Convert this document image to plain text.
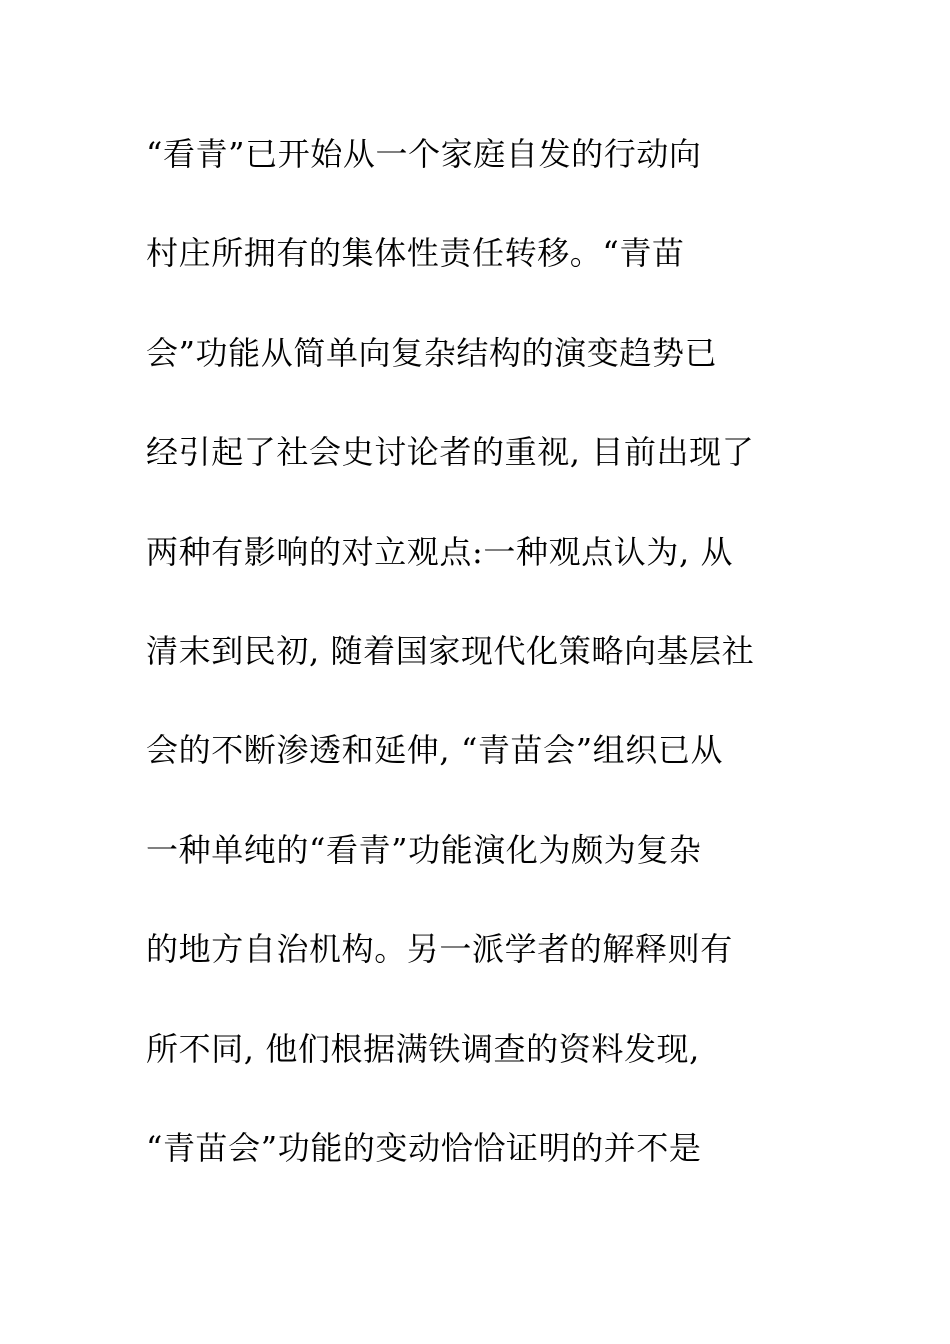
“看青”已开始从一个家庭自发的行动向
村庄所拥有的集体性责任转移。“青苗
会”功能从简单向复杂结构的演变趋势已
经引起了社会史讨论者的重视, 目前出现了
两种有影响的对立观点:一种观点认为, 从
清末到民初, 随着国家现代化策略向基层社
会的不断渗透和延伸, “青苗会”组织已从
一种单纯的“看青”功能演化为颇为复杂
的地方自治机构。另一派学者的解释则有
所不同, 他们根据满铁调查的资料发现,
“青苗会”功能的变动恰恰证明的并不是
